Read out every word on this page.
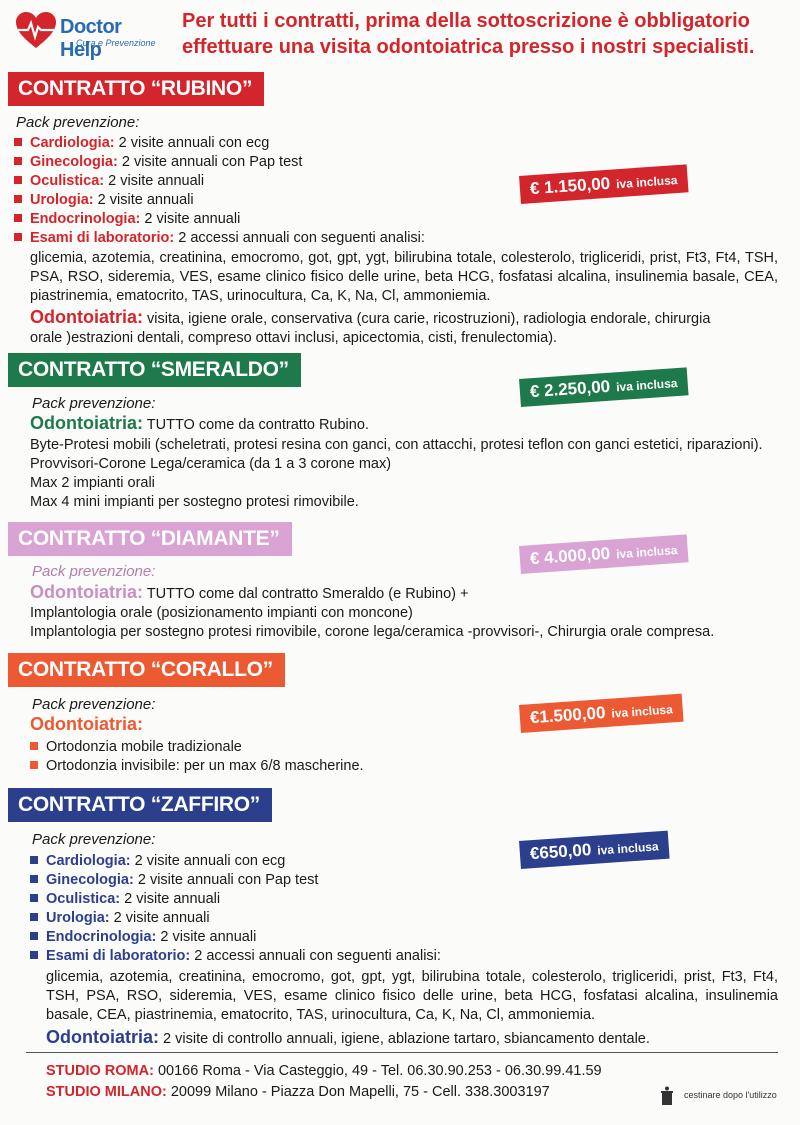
Doctor Help
Cura e Prevenzione
Per tutti i contratti, prima della sottoscrizione è obbligatorio
effettuare una visita odontoiatrica presso i nostri specialisti.
CONTRATTO “RUBINO”
Pack prevenzione:
€ 1.150,00 iva inclusa
Cardiologia: 2 visite annuali con ecg
Ginecologia: 2 visite annuali con Pap test
Oculistica: 2 visite annuali
Urologia: 2 visite annuali
Endocrinologia: 2 visite annuali
Esami di laboratorio: 2 accessi annuali con seguenti analisi:
glicemia, azotemia, creatinina, emocromo, got, gpt, ygt, bilirubina totale, colesterolo, trigliceridi, prist, Ft3, Ft4, TSH, PSA, RSO, sideremia, VES, esame clinico fisico delle urine, beta HCG, fosfatasi alcalina, insulinemia basale, CEA, piastrinemia, ematocrito, TAS, urinocultura, Ca, K, Na, Cl, ammoniemia.
Odontoiatria: visita, igiene orale, conservativa (cura carie, ricostruzioni), radiologia endorale, chirurgia
orale )estrazioni dentali, compreso ottavi inclusi, apicectomia, cisti, frenulectomia).
CONTRATTO “SMERALDO”
€ 2.250,00 iva inclusa
Pack prevenzione:
Odontoiatria: TUTTO come da contratto Rubino.
Byte-Protesi mobili (scheletrati, protesi resina con ganci, con attacchi, protesi teflon con ganci estetici, riparazioni).
Provvisori-Corone Lega/ceramica (da 1 a 3 corone max)
Max 2 impianti orali
Max 4 mini impianti per sostegno protesi rimovibile.
CONTRATTO “DIAMANTE”
€ 4.000,00 iva inclusa
Pack prevenzione:
Odontoiatria: TUTTO come dal contratto Smeraldo (e Rubino) +
Implantologia orale (posizionamento impianti con moncone)
Implantologia per sostegno protesi rimovibile, corone lega/ceramica -provvisori-, Chirurgia orale compresa.
CONTRATTO “CORALLO”
€1.500,00 iva inclusa
Pack prevenzione:
Odontoiatria:
Ortodonzia mobile tradizionale
Ortodonzia invisibile: per un max 6/8 mascherine.
CONTRATTO “ZAFFIRO”
€650,00 iva inclusa
Pack prevenzione:
Cardiologia: 2 visite annuali con ecg
Ginecologia: 2 visite annuali con Pap test
Oculistica: 2 visite annuali
Urologia: 2 visite annuali
Endocrinologia: 2 visite annuali
Esami di laboratorio: 2 accessi annuali con seguenti analisi:
glicemia, azotemia, creatinina, emocromo, got, gpt, ygt, bilirubina totale, colesterolo, trigliceridi, prist, Ft3, Ft4, TSH, PSA, RSO, sideremia, VES, esame clinico fisico delle urine, beta HCG, fosfatasi alcalina, insulinemia basale, CEA, piastrinemia, ematocrito, TAS, urinocultura, Ca, K, Na, Cl, ammoniemia.
Odontoiatria: 2 visite di controllo annuali, igiene, ablazione tartaro, sbiancamento dentale.
STUDIO ROMA: 00166 Roma - Via Casteggio, 49 - Tel. 06.30.90.253 - 06.30.99.41.59
STUDIO MILANO: 20099 Milano - Piazza Don Mapelli, 75 - Cell. 338.3003197	cestinare dopo l'utilizzo
